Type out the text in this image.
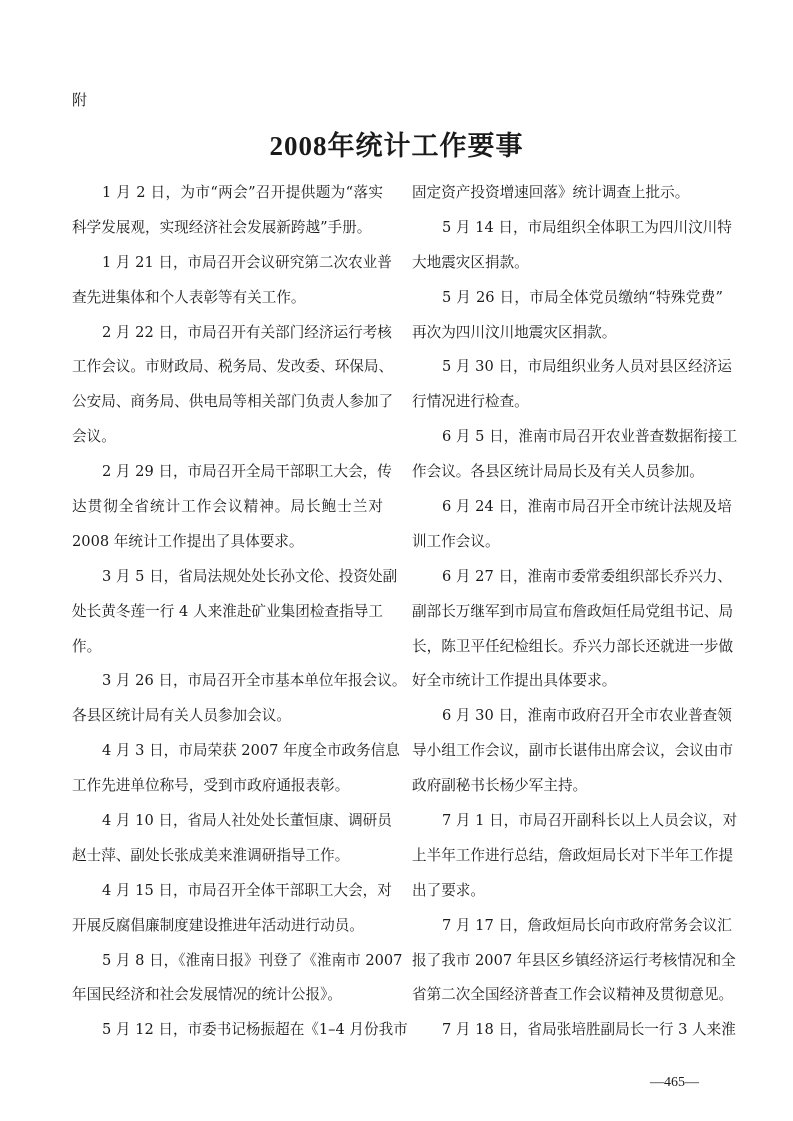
附
2008年统计工作要事
1 月 2 日，为市“两会”召开提供题为“落实
科学发展观，实现经济社会发展新跨越”手册。
1 月 21 日，市局召开会议研究第二次农业普
查先进集体和个人表彰等有关工作。
2 月 22 日，市局召开有关部门经济运行考核
工作会议。市财政局、税务局、发改委、环保局、
公安局、商务局、供电局等相关部门负责人参加了
会议。
2 月 29 日，市局召开全局干部职工大会，传
达贯彻全省统计工作会议精神。局长鲍士兰对
2008 年统计工作提出了具体要求。
3 月 5 日，省局法规处处长孙文伦、投资处副
处长黄冬莲一行 4 人来淮赴矿业集团检查指导工
作。
3 月 26 日，市局召开全市基本单位年报会议。
各县区统计局有关人员参加会议。
4 月 3 日，市局荣获 2007 年度全市政务信息
工作先进单位称号，受到市政府通报表彰。
4 月 10 日，省局人社处处长董恒康、调研员
赵士萍、副处长张成美来淮调研指导工作。
4 月 15 日，市局召开全体干部职工大会，对
开展反腐倡廉制度建设推进年活动进行动员。
5 月 8 日，《淮南日报》刊登了《淮南市 2007
年国民经济和社会发展情况的统计公报》。
5 月 12 日，市委书记杨振超在《1–4 月份我市
固定资产投资增速回落》统计调查上批示。
5 月 14 日，市局组织全体职工为四川汶川特
大地震灾区捐款。
5 月 26 日，市局全体党员缴纳“特殊党费”
再次为四川汶川地震灾区捐款。
5 月 30 日，市局组织业务人员对县区经济运
行情况进行检查。
6 月 5 日，淮南市局召开农业普查数据衔接工
作会议。各县区统计局局长及有关人员参加。
6 月 24 日，淮南市局召开全市统计法规及培
训工作会议。
6 月 27 日，淮南市委常委组织部长乔兴力、
副部长万继军到市局宣布詹政烜任局党组书记、局
长，陈卫平任纪检组长。乔兴力部长还就进一步做
好全市统计工作提出具体要求。
6 月 30 日，淮南市政府召开全市农业普查领
导小组工作会议，副市长谌伟出席会议，会议由市
政府副秘书长杨少军主持。
7 月 1 日，市局召开副科长以上人员会议，对
上半年工作进行总结，詹政烜局长对下半年工作提
出了要求。
7 月 17 日，詹政烜局长向市政府常务会议汇
报了我市 2007 年县区乡镇经济运行考核情况和全
省第二次全国经济普查工作会议精神及贯彻意见。
7 月 18 日，省局张培胜副局长一行 3 人来淮
—465—
